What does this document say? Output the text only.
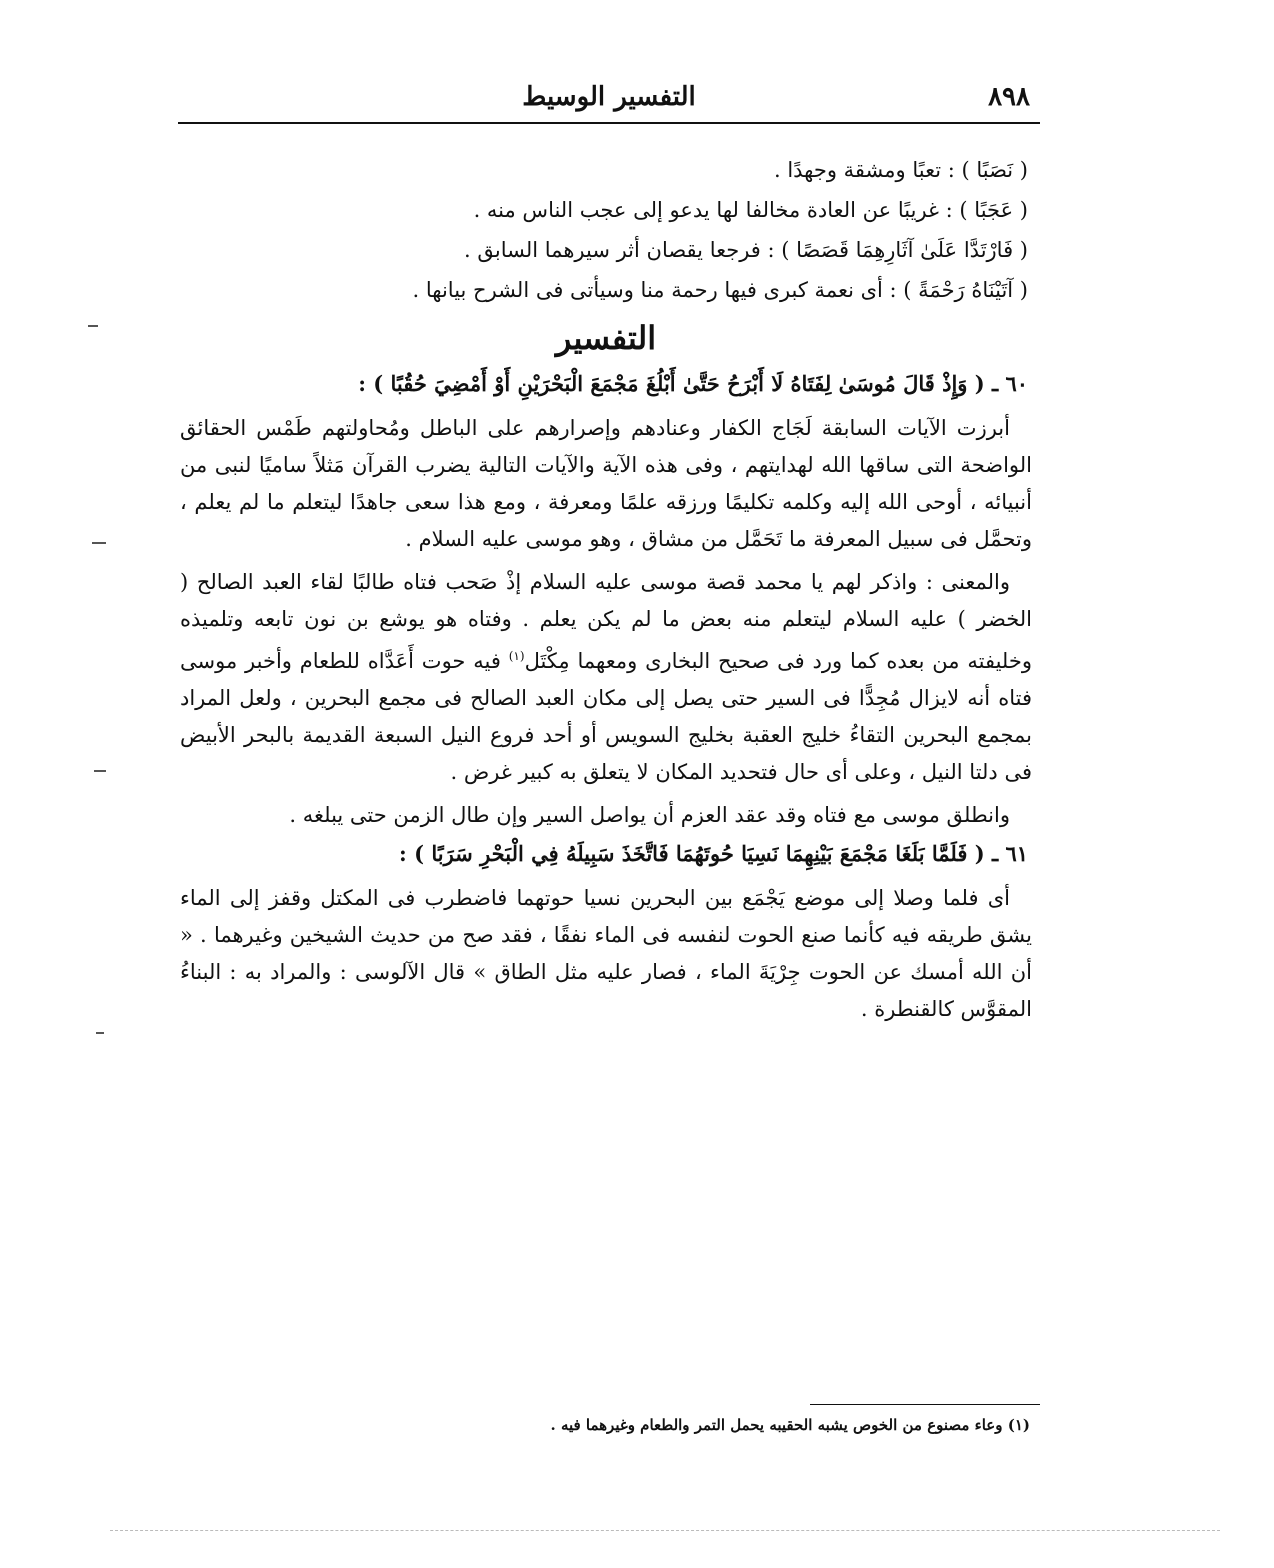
٨٩٨
التفسير الوسيط

( نَصَبًا ) : تعبًا ومشقة وجهدًا .

( عَجَبًا ) : غريبًا عن العادة مخالفا لها يدعو إلى عجب الناس منه .

( فَارْتَدَّا عَلَىٰ آثَارِهِمَا قَصَصًا ) : فرجعا يقصان أثر سيرهما السابق .

( آتَيْنَاهُ رَحْمَةً ) : أى نعمة كبرى فيها رحمة منا وسيأتى فى الشرح بيانها .

التفسير

٦٠ ـ ( وَإِذْ قَالَ مُوسَىٰ لِفَتَاهُ لَا أَبْرَحُ حَتَّىٰ أَبْلُغَ مَجْمَعَ الْبَحْرَيْنِ أَوْ أَمْضِيَ حُقُبًا ) :

أبرزت الآيات السابقة لَجَاج الكفار وعنادهم وإصرارهم على الباطل ومُحاولتهم طَمْس الحقائق الواضحة التى ساقها الله لهدايتهم ، وفى هذه الآية والآيات التالية يضرب القرآن مَثلاً ساميًا لنبى من أنبيائه ، أوحى الله إليه وكلمه تكليمًا ورزقه علمًا ومعرفة ، ومع هذا سعى جاهدًا ليتعلم ما لم يعلم ، وتحمَّل فى سبيل المعرفة ما تَحَمَّل من مشاق ، وهو موسى عليه السلام .

والمعنى : واذكر لهم يا محمد قصة موسى عليه السلام إذْ صَحب فتاه طالبًا لقاء العبد الصالح ( الخضر ) عليه السلام ليتعلم منه بعض ما لم يكن يعلم . وفتاه هو يوشع بن نون تابعه وتلميذه وخليفته من بعده كما ورد فى صحيح البخارى ومعهما مِكْتَل$^{(١)}$ فيه حوت أَعَدَّاه للطعام وأخبر موسى فتاه أنه لايزال مُجِدًّا فى السير حتى يصل إلى مكان العبد الصالح فى مجمع البحرين ، ولعل المراد بمجمع البحرين التقاءُ خليج العقبة بخليج السويس أو أحد فروع النيل السبعة القديمة بالبحر الأبيض فى دلتا النيل ، وعلى أى حال فتحديد المكان لا يتعلق به كبير غرض .

وانطلق موسى مع فتاه وقد عقد العزم أن يواصل السير وإن طال الزمن حتى يبلغه .

٦١ ـ ( فَلَمَّا بَلَغَا مَجْمَعَ بَيْنِهِمَا نَسِيَا حُوتَهُمَا فَاتَّخَذَ سَبِيلَهُ فِي الْبَحْرِ سَرَبًا ) :

أى فلما وصلا إلى موضع يَجْمَع بين البحرين نسيا حوتهما فاضطرب فى المكتل وقفز إلى الماء يشق طريقه فيه كأنما صنع الحوت لنفسه فى الماء نفقًا ، فقد صح من حديث الشيخين وغيرهما . « أن الله أمسك عن الحوت جِرْيَةَ الماء ، فصار عليه مثل الطاق » قال الآلوسى : والمراد به : البناءُ المقوَّس كالقنطرة .

(١) وعاء مصنوع من الخوص يشبه الحقيبه يحمل التمر والطعام وغيرهما فيه .
